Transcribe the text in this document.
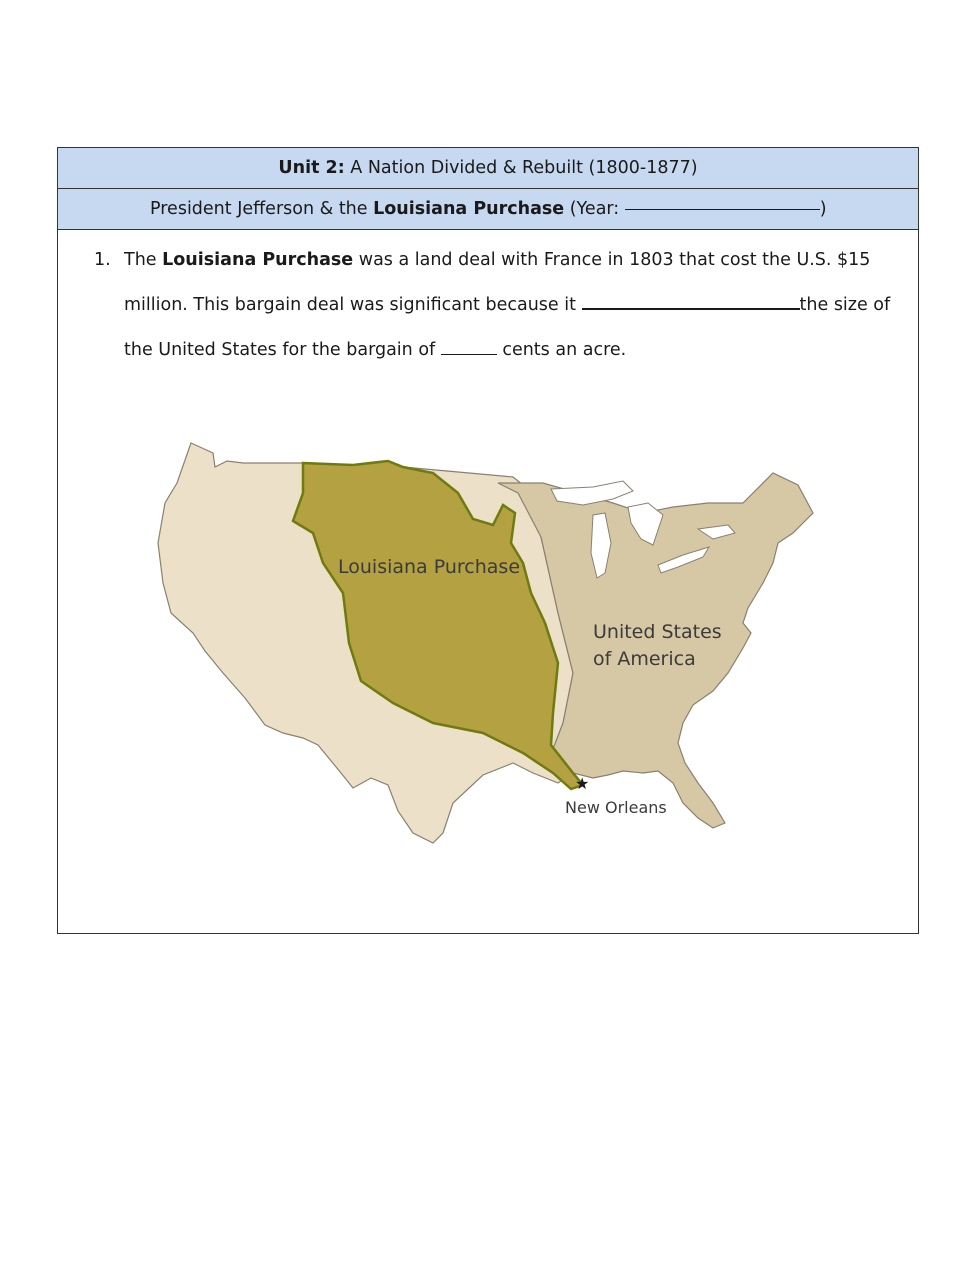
Unit 2: A Nation Divided & Rebuilt (1800-1877)
President Jefferson & the Louisiana Purchase (Year:	)
1. The Louisiana Purchase was a land deal with France in 1803 that cost the U.S. $15 million. This bargain deal was significant because it	the size of the United States for the bargain of	cents an acre.
Louisiana Purchase
United States
of America
★
New Orleans
